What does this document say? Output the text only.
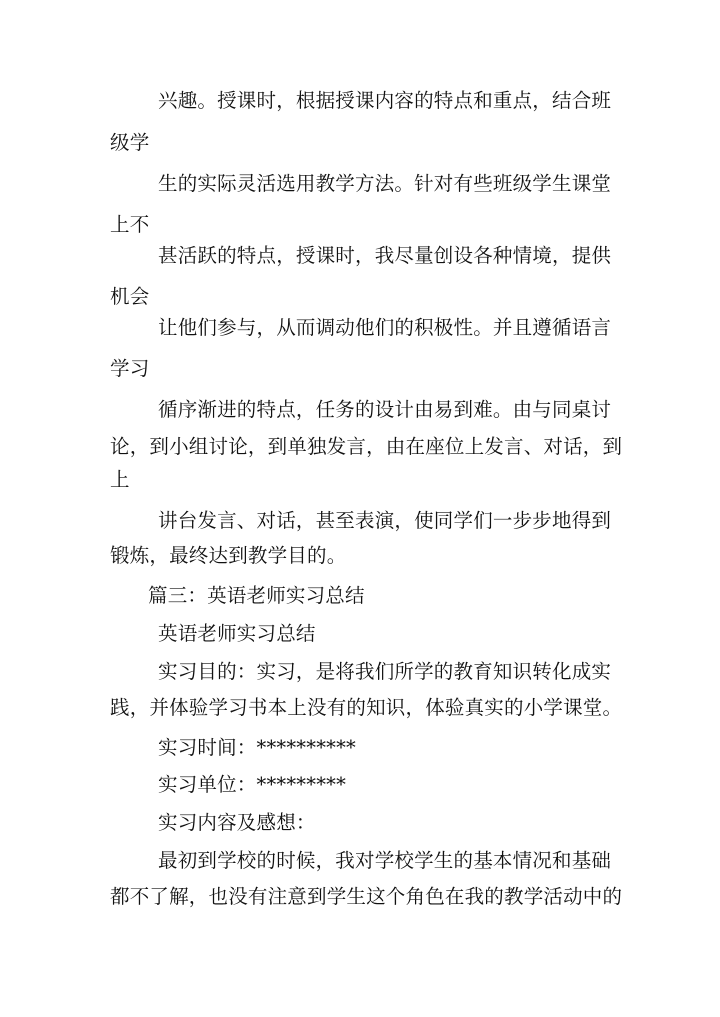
兴趣。授课时，根据授课内容的特点和重点，结合班
级学
生的实际灵活选用教学方法。针对有些班级学生课堂
上不
甚活跃的特点，授课时，我尽量创设各种情境，提供
机会
让他们参与，从而调动他们的积极性。并且遵循语言
学习
循序渐进的特点，任务的设计由易到难。由与同桌讨
论，到小组讨论，到单独发言，由在座位上发言、对话，到
上
讲台发言、对话，甚至表演，使同学们一步步地得到
锻炼，最终达到教学目的。
篇三：英语老师实习总结
英语老师实习总结
实习目的：实习，是将我们所学的教育知识转化成实
践，并体验学习书本上没有的知识，体验真实的小学课堂。
实习时间：**********
实习单位：*********
实习内容及感想：
最初到学校的时候，我对学校学生的基本情况和基础
都不了解，也没有注意到学生这个角色在我的教学活动中的
